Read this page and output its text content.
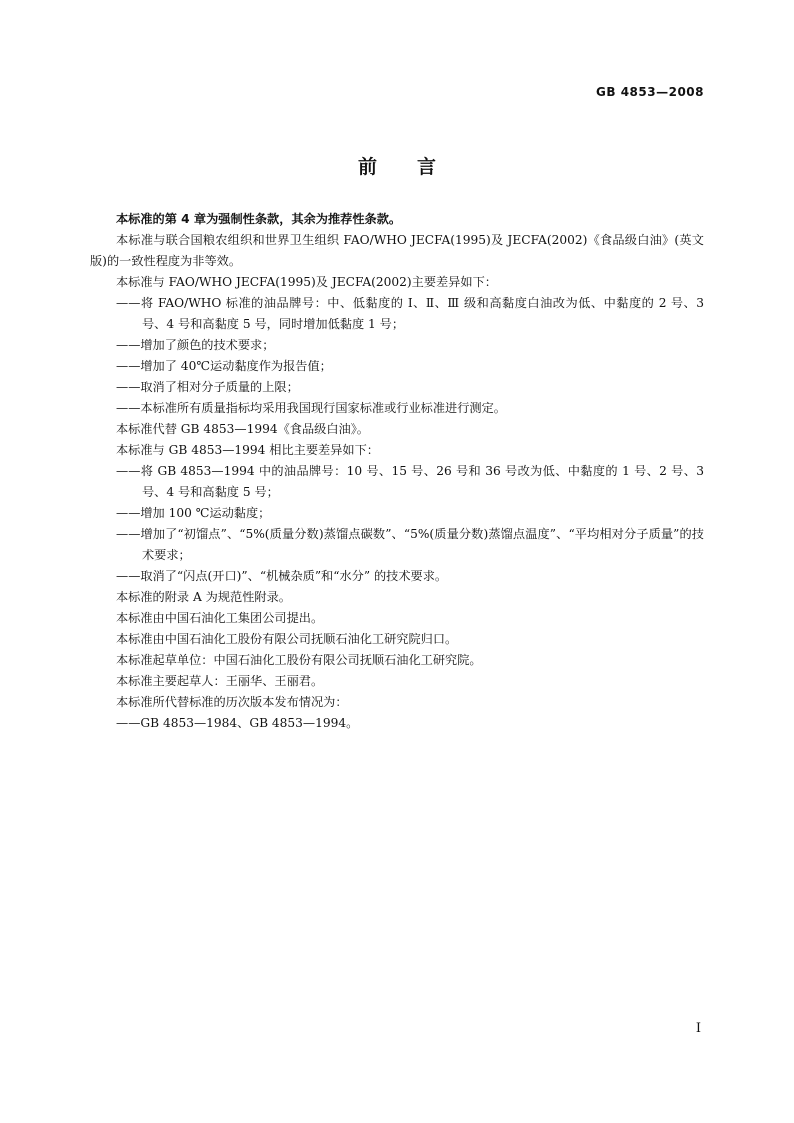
GB 4853—2008
前言

本标准的第 4 章为强制性条款，其余为推荐性条款。

本标准与联合国粮农组织和世界卫生组织 FAO/WHO JECFA(1995)及 JECFA(2002)《食品级白油》(英文版)的一致性程度为非等效。

本标准与 FAO/WHO JECFA(1995)及 JECFA(2002)主要差异如下：

——将 FAO/WHO 标准的油品牌号：中、低黏度的 Ⅰ、Ⅱ、Ⅲ 级和高黏度白油改为低、中黏度的 2 号、3 号、4 号和高黏度 5 号，同时增加低黏度 1 号；

——增加了颜色的技术要求；

——增加了 40℃运动黏度作为报告值；

——取消了相对分子质量的上限；

——本标准所有质量指标均采用我国现行国家标准或行业标准进行测定。

本标准代替 GB 4853—1994《食品级白油》。

本标准与 GB 4853—1994 相比主要差异如下：

——将 GB 4853—1994 中的油品牌号：10 号、15 号、26 号和 36 号改为低、中黏度的 1 号、2 号、3 号、4 号和高黏度 5 号；

——增加 100 ℃运动黏度；

——增加了“初馏点”、“5%(质量分数)蒸馏点碳数”、“5%(质量分数)蒸馏点温度”、“平均相对分子质量”的技术要求；

——取消了“闪点(开口)”、“机械杂质”和“水分” 的技术要求。

本标准的附录 A 为规范性附录。

本标准由中国石油化工集团公司提出。

本标准由中国石油化工股份有限公司抚顺石油化工研究院归口。

本标准起草单位：中国石油化工股份有限公司抚顺石油化工研究院。

本标准主要起草人：王丽华、王丽君。

本标准所代替标准的历次版本发布情况为：

——GB 4853—1984、GB 4853—1994。

I
